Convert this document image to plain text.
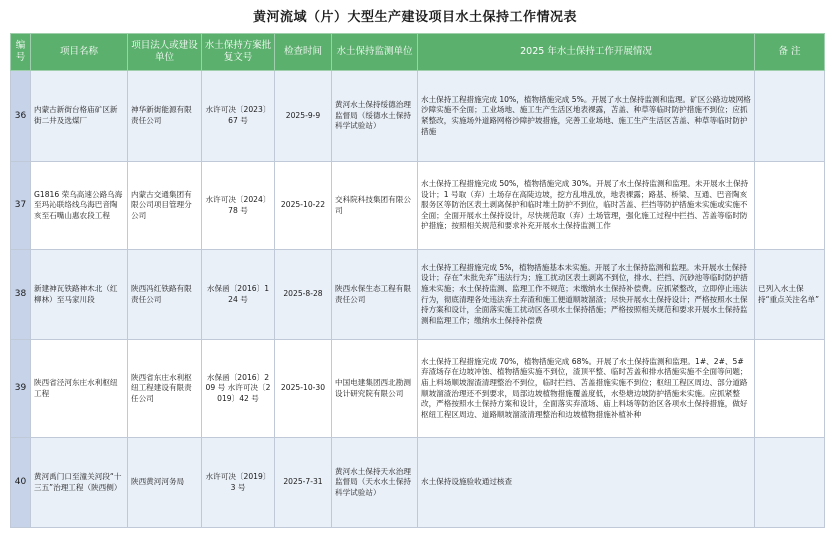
黄河流域（片）大型生产建设项目水土保持工作情况表
编号	项目名称	项目法人或建设单位	水土保持方案批复文号	检查时间	水土保持监测单位	2025 年水土保持工作开展情况	备 注
36	内蒙古新街台格庙矿区新街二井及选煤厂	神华新街能源有限责任公司	水许可决〔2023〕67 号	2025-9-9	黄河水土保持绥德治理监督局（绥德水土保持科学试验站）	水土保持工程措施完成 10%，植物措施完成 5%。开展了水土保持监测和监理。矿区公路边坡网格沙障实施不全面；工业场地、施工生产生活区地表裸露，苫盖、种草等临时防护措施不到位；应抓紧整改，实施场外道路网格沙障护坡措施，完善工业场地、施工生产生活区苫盖、种草等临时防护措施	
37	G1816 荣乌高速公路乌海至玛沁联络线乌海巴音陶亥至石嘴山惠农段工程	内蒙古交通集团有限公司项目管理分公司	水许可决〔2024〕78 号	2025-10-22	交科院科技集团有限公司	水土保持工程措施完成 50%，植物措施完成 30%。开展了水土保持监测和监理。未开展水土保持设计；1 号取（弃）土场存在高陡边坡，挖方乱堆乱放，地表裸露；路基、桥梁、互通、巴音陶亥服务区等防治区表土剥离保护和临时堆土防护不到位，临时苫盖、拦挡等防护措施未实施或实施不全面；全面开展水土保持设计，尽快规范取（弃）土场管理，强化施工过程中拦挡、苫盖等临时防护措施；按照相关规范和要求补充开展水土保持监测工作	
38	新建神瓦铁路神木北（红柳林）至马家川段	陕西冯红铁路有限责任公司	水保函〔2016〕124 号	2025-8-28	陕西水保生态工程有限责任公司	水土保持工程措施完成 5%，植物措施基本未实施。开展了水土保持监测和监理。未开展水土保持设计；存在“未批先弃”违法行为；施工扰动区表土剥离不到位，排水、拦挡、沉砂池等临时防护措施未实施；水土保持监测、监理工作不规范；未缴纳水土保持补偿费。应抓紧整改，立即停止违法行为，彻底清理各处违法弃土弃渣和施工便道顺坡溜渣；尽快开展水土保持设计；严格按照水土保持方案和设计，全面落实施工扰动区各项水土保持措施；严格按照相关规范和要求开展水土保持监测和监理工作；缴纳水土保持补偿费	已列入水土保持“重点关注名单”
39	陕西省泾河东庄水利枢纽工程	陕西省东庄水利枢纽工程建设有限责任公司	水保函〔2016〕209 号 水许可决〔2019〕42 号	2025-10-30	中国电建集团西北勘测设计研究院有限公司	水土保持工程措施完成 70%，植物措施完成 68%。开展了水土保持监测和监理。1#、2#、5# 弃渣场存在边坡冲蚀、植物措施实施不到位，渣顶平整、临时苫盖和排水措施实施不全面等问题；庙上料场顺坡溜渣清理整治不到位，临时拦挡、苫盖措施实施不到位；枢纽工程区周边、部分道路顺坡溜渣治理还不到要求，局部边坡植物措施覆盖度低，水垫塘边坡防护措施未实施。应抓紧整改，严格按照水土保持方案和设计，全面落实弃渣场、庙上料场等防治区各项水土保持措施，做好枢纽工程区周边、道路顺坡溜渣清理整治和边坡植物措施补植补种	
40	黄河禹门口至潼关河段“十三五”治理工程（陕西侧）	陕西黄河河务局	水许可决〔2019〕3 号	2025-7-31	黄河水土保持天水治理监督局（天水水土保持科学试验站）	水土保持设施验收通过核查	
